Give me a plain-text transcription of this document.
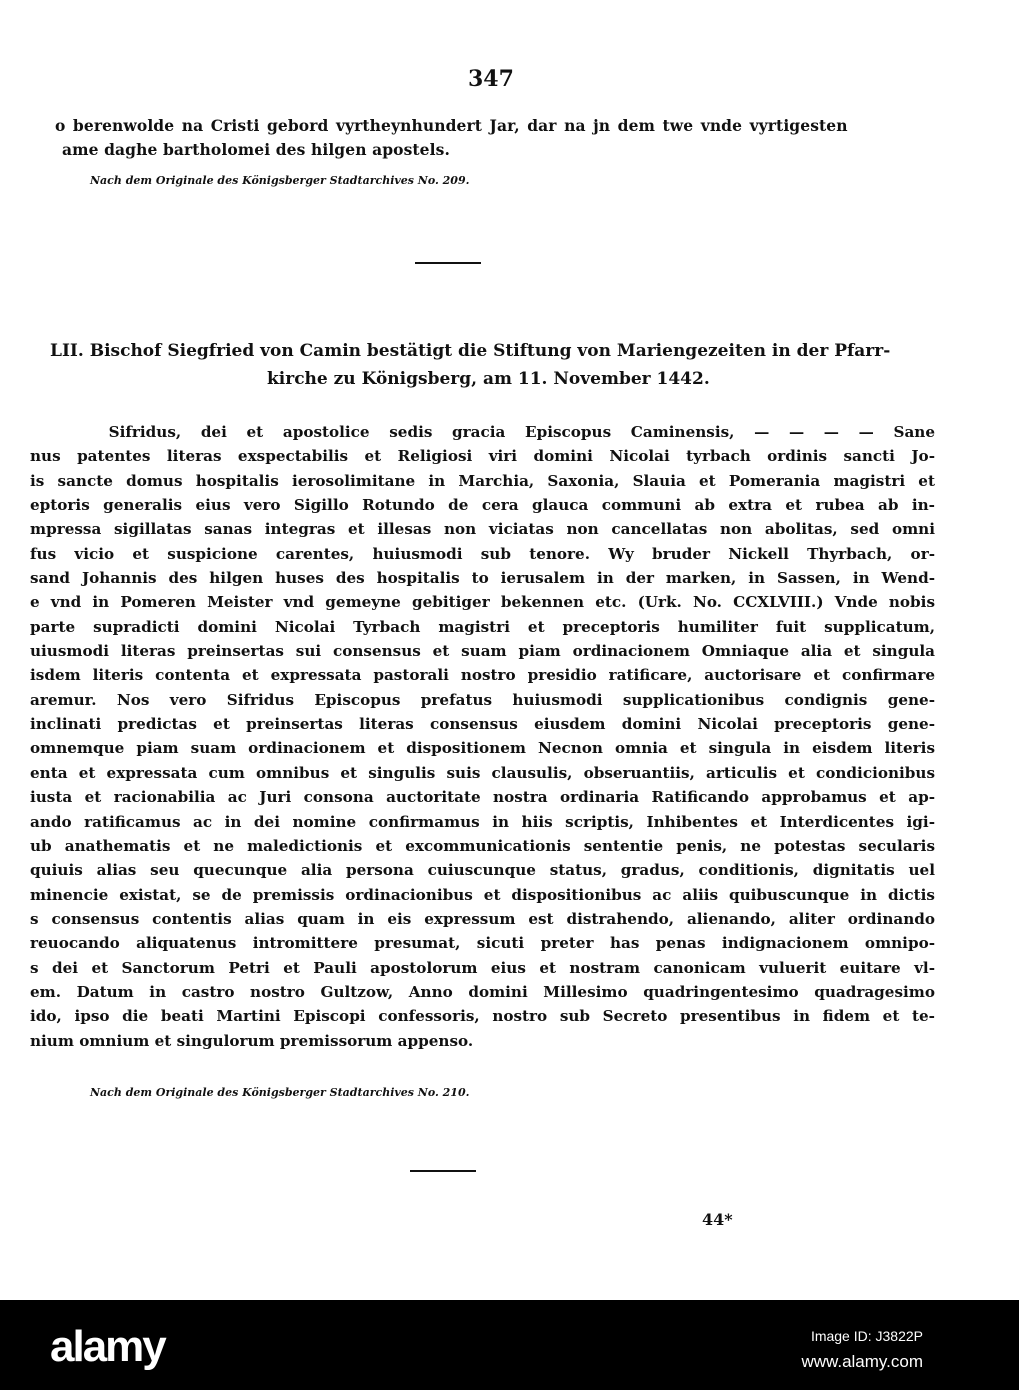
347
o berenwolde na Cristi gebord vyrtheynhundert Jar, dar na jn dem twe vnde vyrtigesten
ame daghe bartholomei des hilgen apostels.
Nach dem Originale des Königsberger Stadtarchives No. 209.
LII. Bischof Siegfried von Camin bestätigt die Stiftung von Mariengezeiten in der Pfarr-
kirche zu Königsberg, am 11. November 1442.
Sifridus, dei et apostolice sedis gracia Episcopus Caminensis, — — — — Sane
nus patentes literas exspectabilis et Religiosi viri domini Nicolai tyrbach ordinis sancti Jo-
is sancte domus hospitalis ierosolimitane in Marchia, Saxonia, Slauia et Pomerania magistri et
eptoris generalis eius vero Sigillo Rotundo de cera glauca communi ab extra et rubea ab in-
mpressa sigillatas sanas integras et illesas non viciatas non cancellatas non abolitas, sed omni
fus vicio et suspicione carentes, huiusmodi sub tenore. Wy bruder Nickell Thyrbach, or-
sand Johannis des hilgen huses des hospitalis to ierusalem in der marken, in Sassen, in Wend-
e vnd in Pomeren Meister vnd gemeyne gebitiger bekennen etc. (Urk. No. CCXLVIII.) Vnde nobis
parte supradicti domini Nicolai Tyrbach magistri et preceptoris humiliter fuit supplicatum,
uiusmodi literas preinsertas sui consensus et suam piam ordinacionem Omniaque alia et singula
isdem literis contenta et expressata pastorali nostro presidio ratificare, auctorisare et confirmare
aremur. Nos vero Sifridus Episcopus prefatus huiusmodi supplicationibus condignis gene-
inclinati predictas et preinsertas literas consensus eiusdem domini Nicolai preceptoris gene-
omnemque piam suam ordinacionem et dispositionem Necnon omnia et singula in eisdem literis
enta et expressata cum omnibus et singulis suis clausulis, obseruantiis, articulis et condicionibus
iusta et racionabilia ac Juri consona auctoritate nostra ordinaria Ratificando approbamus et ap-
ando ratificamus ac in dei nomine confirmamus in hiis scriptis, Inhibentes et Interdicentes igi-
ub anathematis et ne maledictionis et excommunicationis sententie penis, ne potestas secularis
quiuis alias seu quecunque alia persona cuiuscunque status, gradus, conditionis, dignitatis uel
minencie existat, se de premissis ordinacionibus et dispositionibus ac aliis quibuscunque in dictis
s consensus contentis alias quam in eis expressum est distrahendo, alienando, aliter ordinando
reuocando aliquatenus intromittere presumat, sicuti preter has penas indignacionem omnipo-
s dei et Sanctorum Petri et Pauli apostolorum eius et nostram canonicam vuluerit euitare vl-
em. Datum in castro nostro Gultzow, Anno domini Millesimo quadringentesimo quadragesimo
ido, ipso die beati Martini Episcopi confessoris, nostro sub Secreto presentibus in fidem et te-
nium omnium et singulorum premissorum appenso.
Nach dem Originale des Königsberger Stadtarchives No. 210.
44*
alamy	Image ID: J3822P
www.alamy.com
